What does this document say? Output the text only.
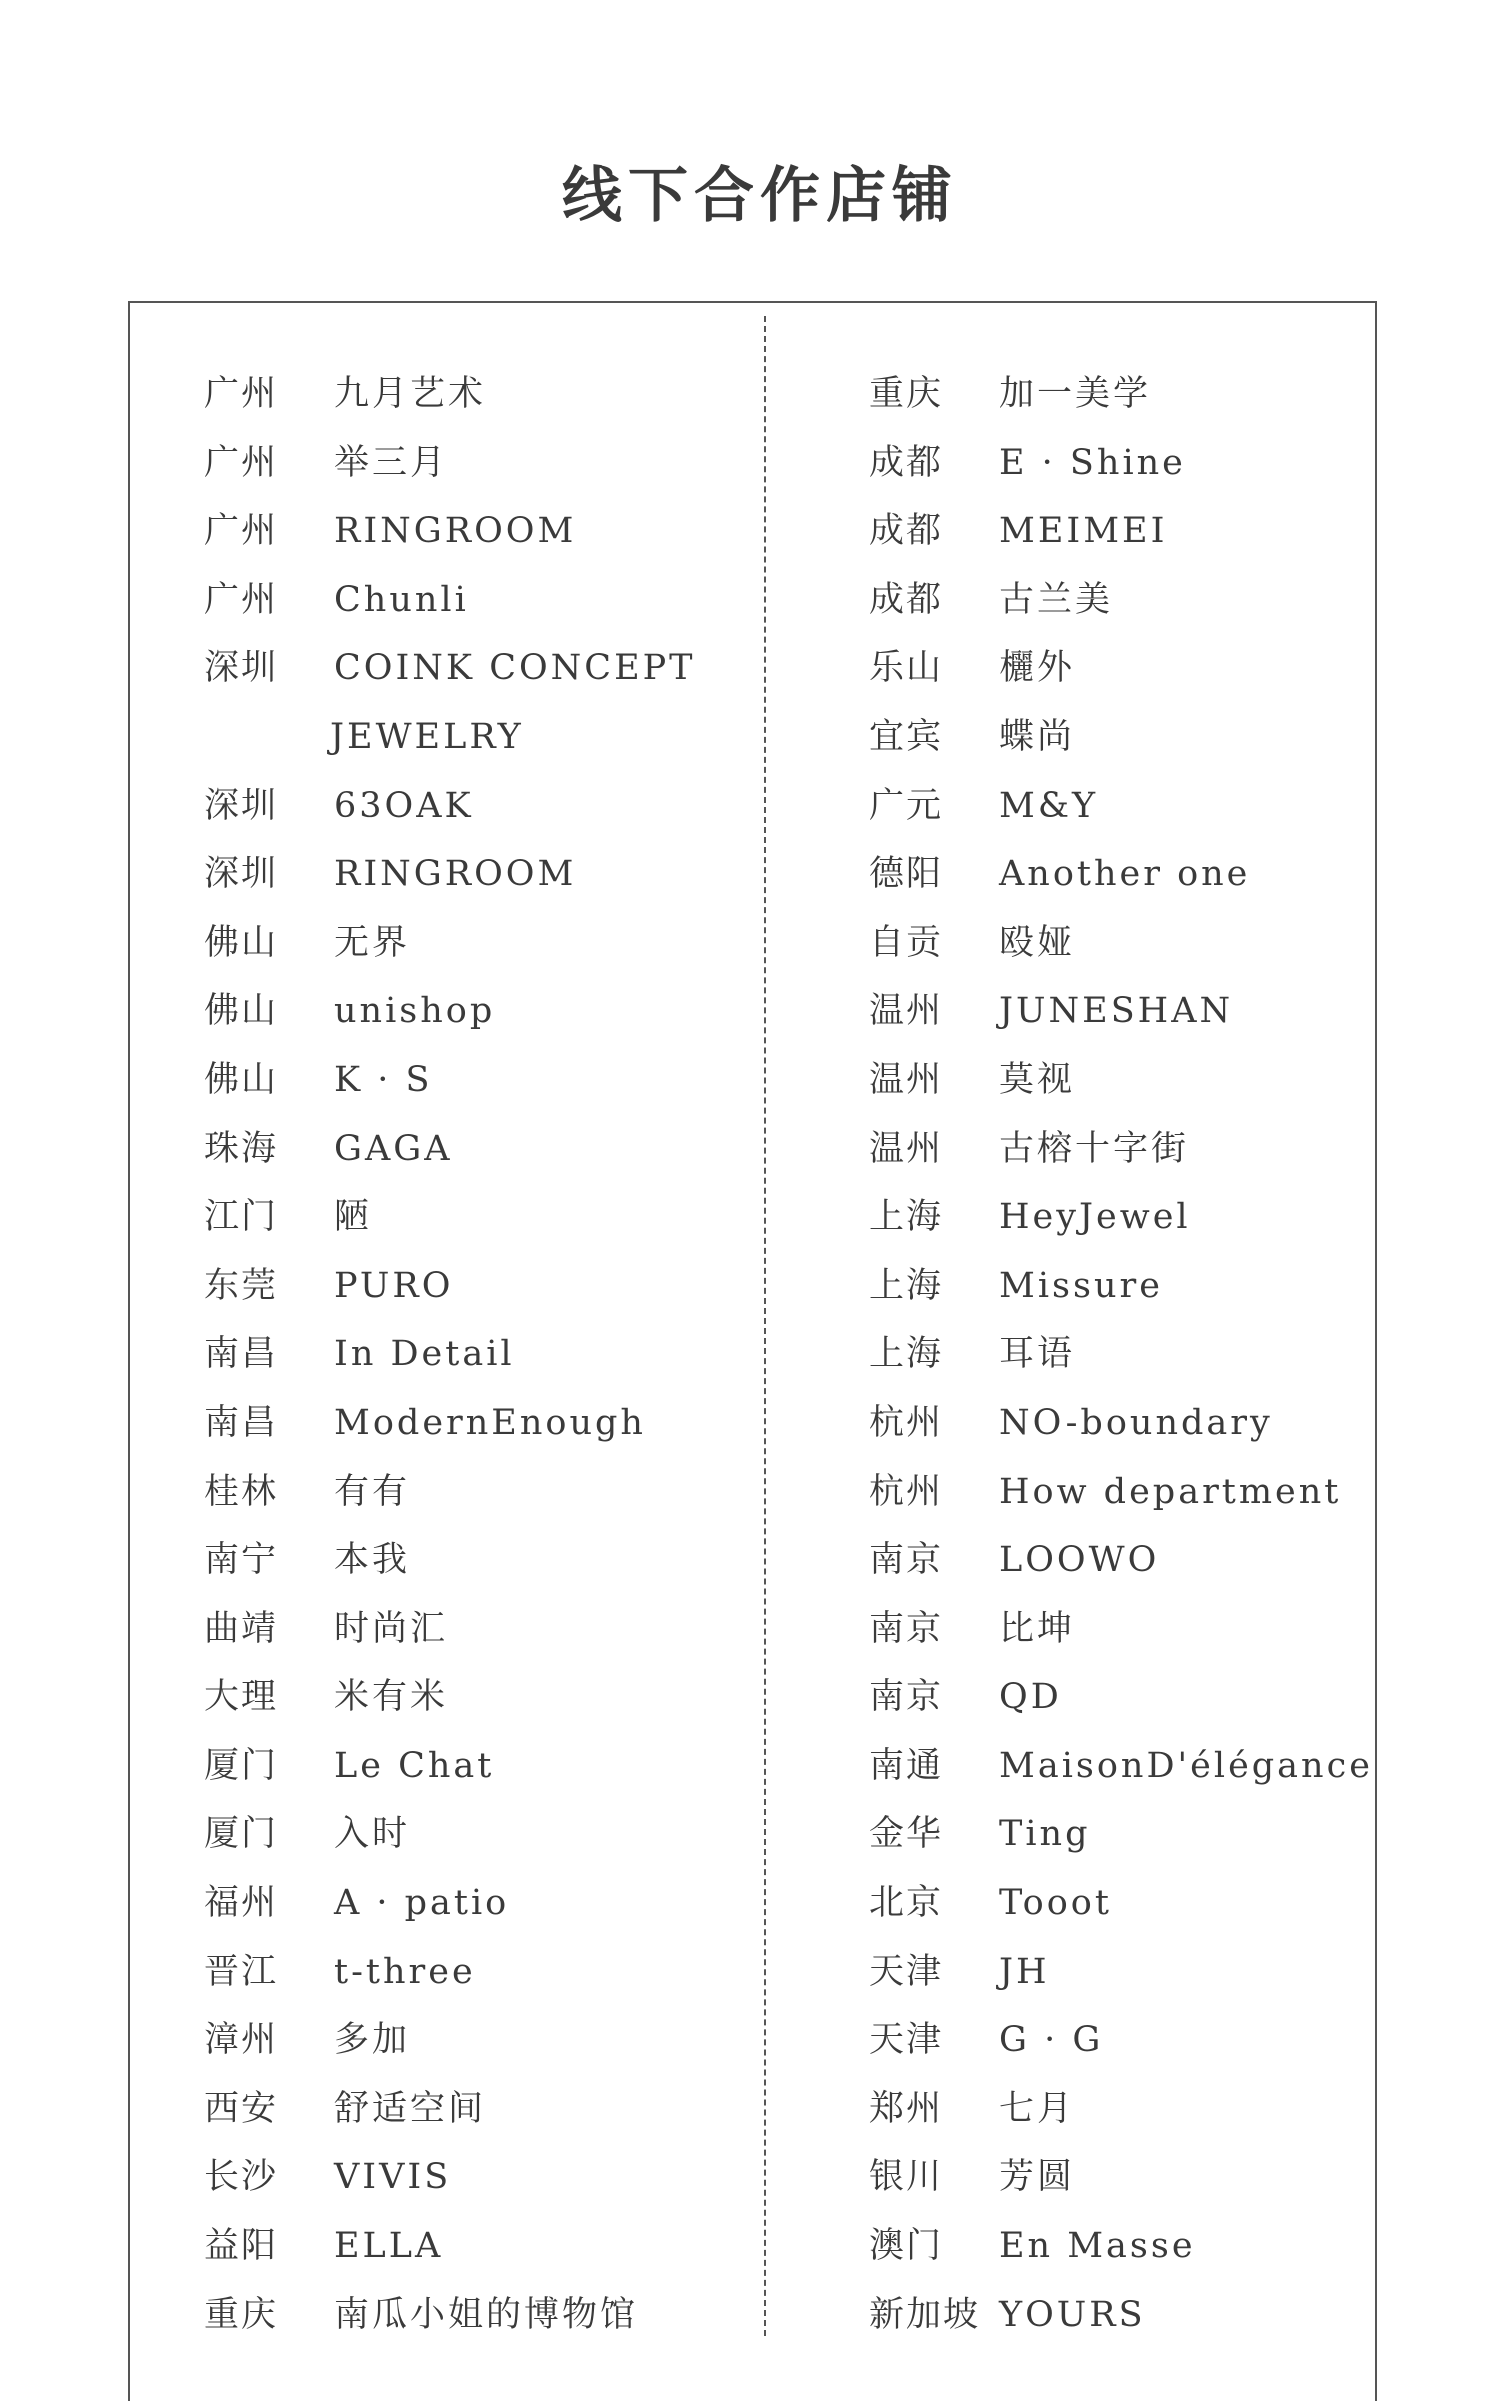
线下合作店铺
广州 九月艺术
广州 举三月
广州 RINGROOM
广州 Chunli
深圳 COINK CONCEPT
JEWELRY
深圳 63OAK
深圳 RINGROOM
佛山 无界
佛山 unishop
佛山 K · S
珠海 GAGA
江门 陋
东莞 PURO
南昌 In Detail
南昌 ModernEnough
桂林 有有
南宁 本我
曲靖 时尚汇
大理 米有米
厦门 Le Chat
厦门 入时
福州 A · patio
晋江 t-three
漳州 多加
西安 舒适空间
长沙 VIVIS
益阳 ELLA
重庆 南瓜小姐的博物馆
重庆 加一美学
成都 E · Shine
成都 MEIMEI
成都 古兰美
乐山 欐外
宜宾 蝶尚
广元 M&Y
德阳 Another one
自贡 殴娅
温州 JUNESHAN
温州 莫视
温州 古榕十字街
上海 HeyJewel
上海 Missure
上海 耳语
杭州 NO-boundary
杭州 How department
南京 LOOWO
南京 比坤
南京 QD
南通 MaisonD'élégance
金华 Ting
北京 Tooot
天津 JH
天津 G · G
郑州 七月
银川 芳圆
澳门 En Masse
新加坡 YOURS
